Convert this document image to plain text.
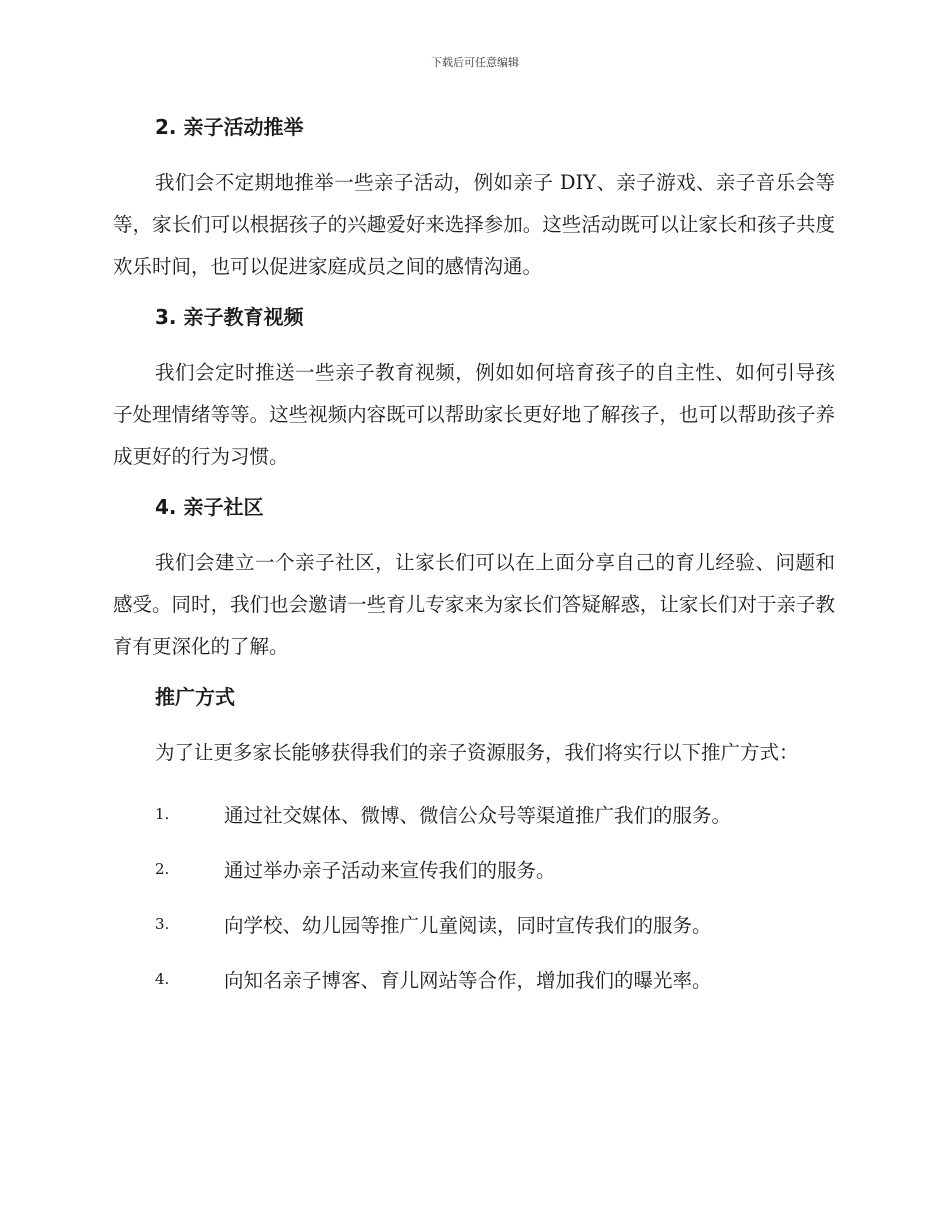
下载后可任意编辑
2. 亲子活动推举

我们会不定期地推举一些亲子活动，例如亲子 DIY、亲子游戏、亲子音乐会等等，家长们可以根据孩子的兴趣爱好来选择参加。这些活动既可以让家长和孩子共度欢乐时间，也可以促进家庭成员之间的感情沟通。

3. 亲子教育视频

我们会定时推送一些亲子教育视频，例如如何培育孩子的自主性、如何引导孩子处理情绪等等。这些视频内容既可以帮助家长更好地了解孩子，也可以帮助孩子养成更好的行为习惯。

4. 亲子社区

我们会建立一个亲子社区，让家长们可以在上面分享自己的育儿经验、问题和感受。同时，我们也会邀请一些育儿专家来为家长们答疑解惑，让家长们对于亲子教育有更深化的了解。

推广方式

为了让更多家长能够获得我们的亲子资源服务，我们将实行以下推广方式：

1.	通过社交媒体、微博、微信公众号等渠道推广我们的服务。
2.	通过举办亲子活动来宣传我们的服务。
3.	向学校、幼儿园等推广儿童阅读，同时宣传我们的服务。
4.	向知名亲子博客、育儿网站等合作，增加我们的曝光率。
